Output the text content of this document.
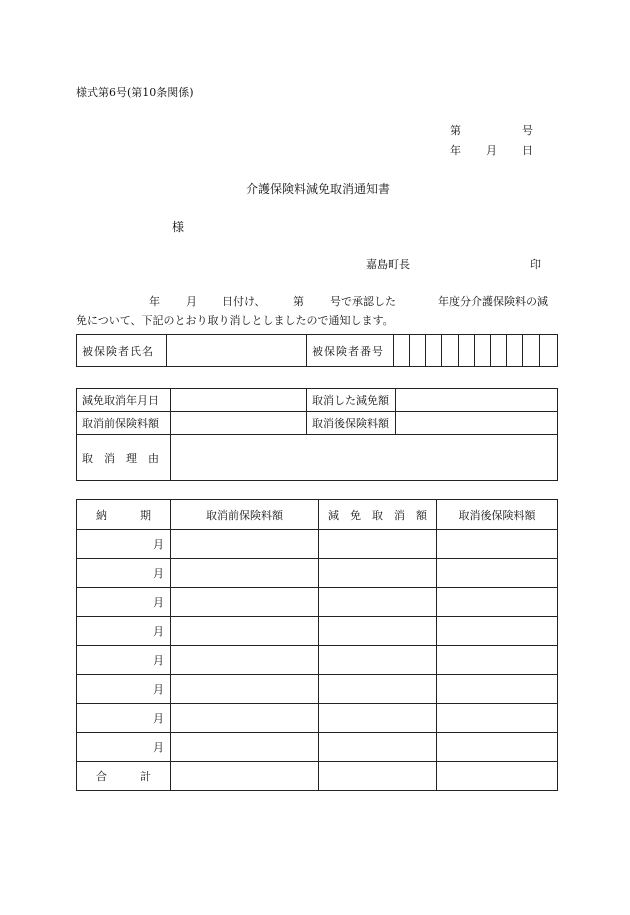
様式第6号(第10条関係)
第	号
年 月 日
介護保険料減免取消通知書
様
嘉島町長	印
年 月 日付け、 第 号で承認した	年度分介護保険料の減
免について、下記のとおり取り消しとしましたので通知します。
被保険者氏名		被保険者番号										
減免取消年月日		取消した減免額	
取消前保険料額		取消後保険料額	
取　消　理　由			
納　　　期	取消前保険料額	減　免　取　消　額	取消後保険料額
月			
月			
月			
月			
月			
月			
月			
月			
合　　　計			
